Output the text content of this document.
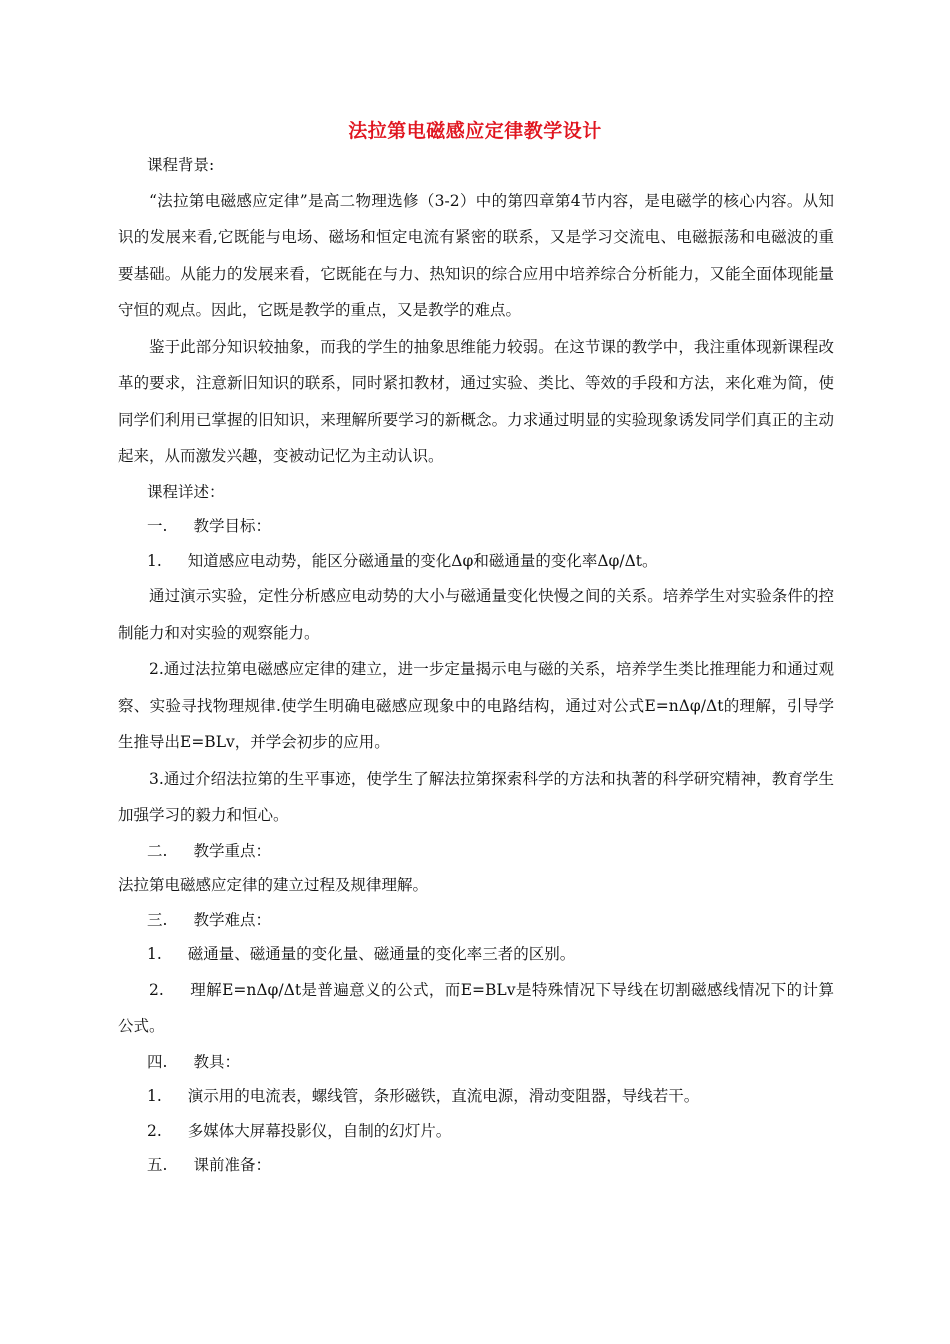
法拉第电磁感应定律教学设计
课程背景:

“法拉第电磁感应定律”是高二物理选修（3-2）中的第四章第4节内容，是电磁学的核心内容。从知识的发展来看,它既能与电场、磁场和恒定电流有紧密的联系，又是学习交流电、电磁振荡和电磁波的重要基础。从能力的发展来看，它既能在与力、热知识的综合应用中培养综合分析能力，又能全面体现能量守恒的观点。因此，它既是教学的重点，又是教学的难点。

鉴于此部分知识较抽象，而我的学生的抽象思维能力较弱。在这节课的教学中，我注重体现新课程改革的要求，注意新旧知识的联系，同时紧扣教材，通过实验、类比、等效的手段和方法，来化难为简，使同学们利用已掌握的旧知识，来理解所要学习的新概念。力求通过明显的实验现象诱发同学们真正的主动起来，从而激发兴趣，变被动记忆为主动认识。

课程详述：
一. 教学目标：
1. 知道感应电动势，能区分磁通量的变化Δφ和磁通量的变化率Δφ/Δt。

通过演示实验，定性分析感应电动势的大小与磁通量变化快慢之间的关系。培养学生对实验条件的控制能力和对实验的观察能力。

2.通过法拉第电磁感应定律的建立，进一步定量揭示电与磁的关系，培养学生类比推理能力和通过观察、实验寻找物理规律.使学生明确电磁感应现象中的电路结构，通过对公式E=nΔφ/Δt的理解，引导学生推导出E=BLv，并学会初步的应用。

3.通过介绍法拉第的生平事迹，使学生了解法拉第探索科学的方法和执著的科学研究精神，教育学生加强学习的毅力和恒心。

二. 教学重点：
法拉第电磁感应定律的建立过程及规律理解。
三. 教学难点：
1. 磁通量、磁通量的变化量、磁通量的变化率三者的区别。

2. 理解E=nΔφ/Δt是普遍意义的公式，而E=BLv是特殊情况下导线在切割磁感线情况下的计算公式。

四. 教具：
1. 演示用的电流表，螺线管，条形磁铁，直流电源，滑动变阻器，导线若干。
2. 多媒体大屏幕投影仪，自制的幻灯片。
五. 课前准备：
